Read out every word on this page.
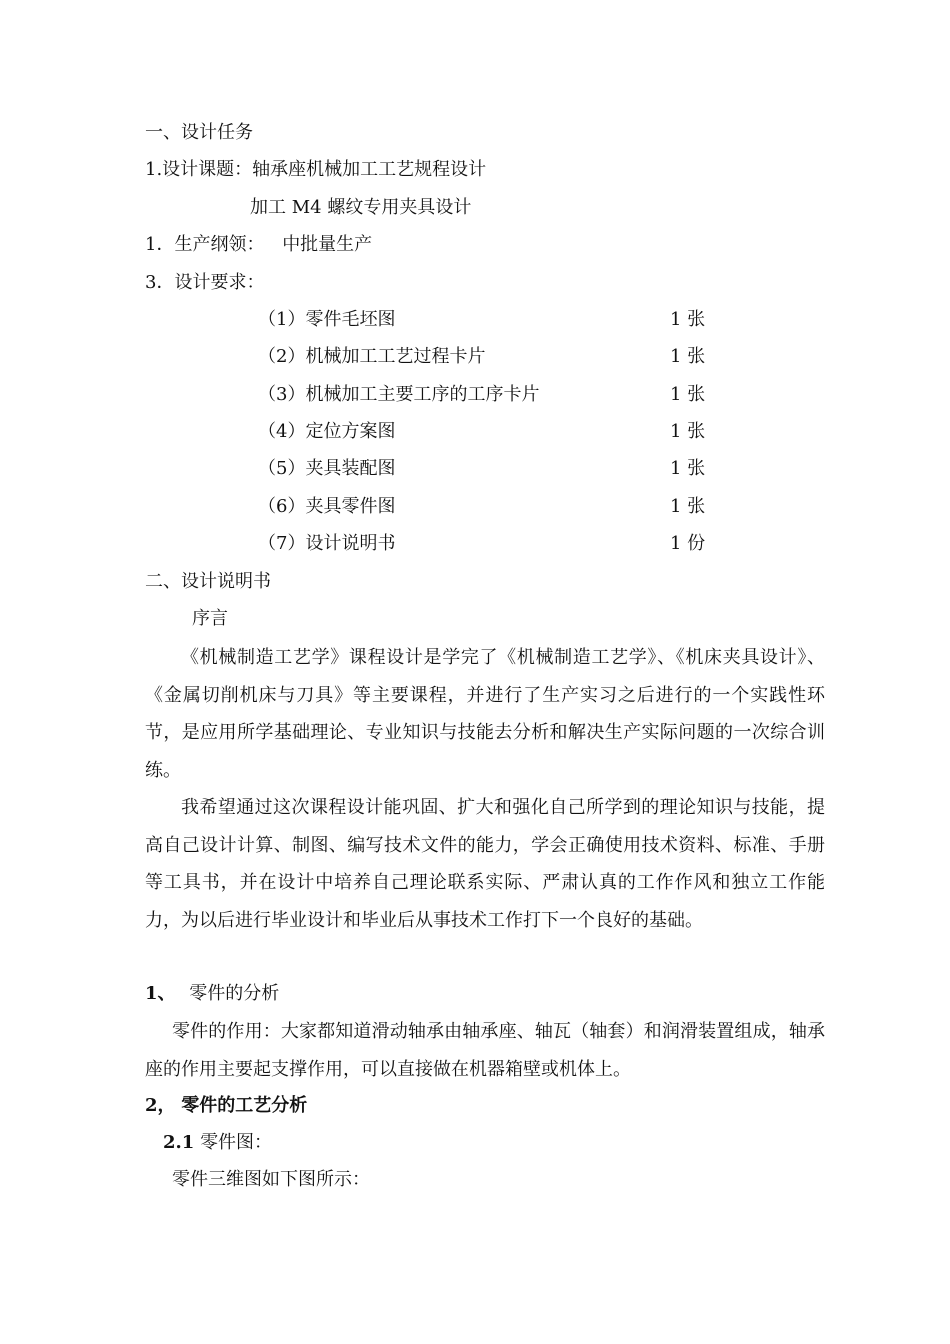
一、设计任务
1.设计课题：轴承座机械加工工艺规程设计
加工 M4 螺纹专用夹具设计
1．生产纲领： 中批量生产
3．设计要求：
（1）零件毛坯图	1 张
（2）机械加工工艺过程卡片	1 张
（3）机械加工主要工序的工序卡片	1 张
（4）定位方案图	1 张
（5）夹具装配图	1 张
（6）夹具零件图	1 张
（7）设计说明书	1 份
二、设计说明书
序言
《机械制造工艺学》课程设计是学完了《机械制造工艺学》、《机床夹具设计》、《金属切削机床与刀具》等主要课程，并进行了生产实习之后进行的一个实践性环节，是应用所学基础理论、专业知识与技能去分析和解决生产实际问题的一次综合训练。
我希望通过这次课程设计能巩固、扩大和强化自己所学到的理论知识与技能，提高自己设计计算、制图、编写技术文件的能力，学会正确使用技术资料、标准、手册等工具书，并在设计中培养自己理论联系实际、严肃认真的工作作风和独立工作能力，为以后进行毕业设计和毕业后从事技术工作打下一个良好的基础。
1、 零件的分析
零件的作用：大家都知道滑动轴承由轴承座、轴瓦（轴套）和润滑装置组成，轴承座的作用主要起支撑作用，可以直接做在机器箱壁或机体上。
2， 零件的工艺分析
2.1 零件图：
零件三维图如下图所示：
